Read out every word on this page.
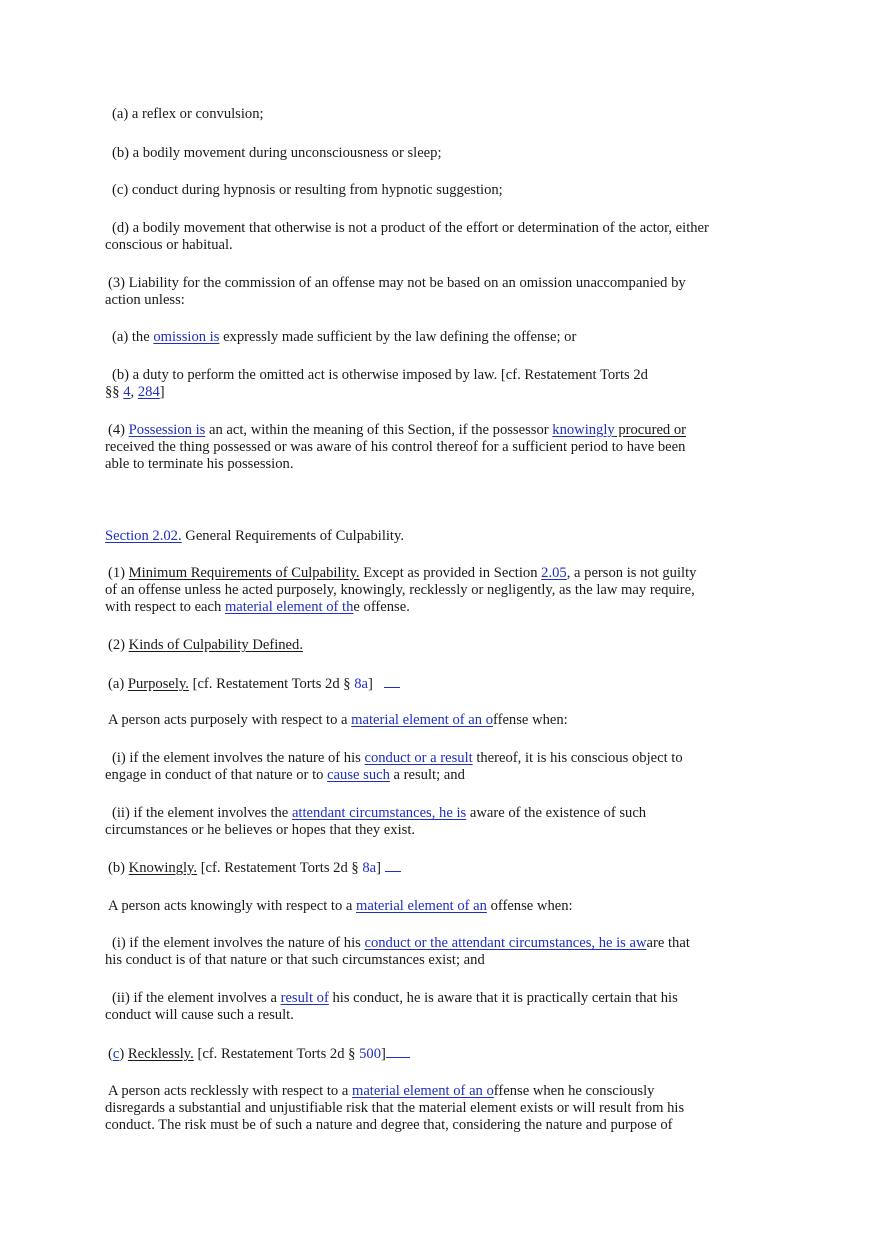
(a) a reflex or convulsion;

(b) a bodily movement during unconsciousness or sleep;

(c) conduct during hypnosis or resulting from hypnotic suggestion;

(d) a bodily movement that otherwise is not a product of the effort or determination of the actor, either
conscious or habitual.

(3) Liability for the commission of an offense may not be based on an omission unaccompanied by
action unless:

(a) the omission is expressly made sufficient by the law defining the offense; or

(b) a duty to perform the omitted act is otherwise imposed by law. [cf. Restatement Torts 2d
§§ 4, 284]

(4) Possession is an act, within the meaning of this Section, if the possessor knowingly procured or
received the thing possessed or was aware of his control thereof for a sufficient period to have been
able to terminate his possession.

Section 2.02. General Requirements of Culpability.

(1) Minimum Requirements of Culpability. Except as provided in Section 2.05, a person is not guilty
of an offense unless he acted purposely, knowingly, recklessly or negligently, as the law may require,
with respect to each material element of the offense.

(2) Kinds of Culpability Defined.

(a) Purposely. [cf. Restatement Torts 2d § 8a]

A person acts purposely with respect to a material element of an offense when:

(i) if the element involves the nature of his conduct or a result thereof, it is his conscious object to
engage in conduct of that nature or to cause such a result; and

(ii) if the element involves the attendant circumstances, he is aware of the existence of such
circumstances or he believes or hopes that they exist.

(b) Knowingly. [cf. Restatement Torts 2d § 8a]

A person acts knowingly with respect to a material element of an offense when:

(i) if the element involves the nature of his conduct or the attendant circumstances, he is aware that
his conduct is of that nature or that such circumstances exist; and

(ii) if the element involves a result of his conduct, he is aware that it is practically certain that his
conduct will cause such a result.

(c) Recklessly. [cf. Restatement Torts 2d § 500]

A person acts recklessly with respect to a material element of an offense when he consciously
disregards a substantial and unjustifiable risk that the material element exists or will result from his
conduct. The risk must be of such a nature and degree that, considering the nature and purpose of
